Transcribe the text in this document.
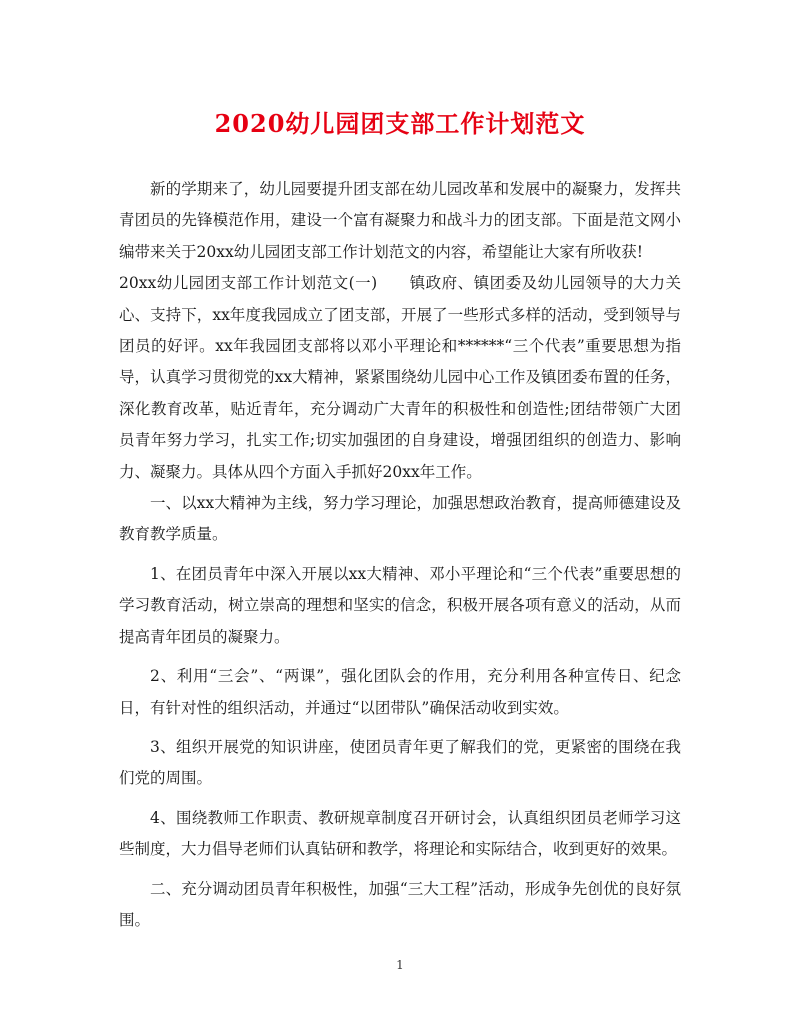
2020幼儿园团支部工作计划范文

新的学期来了，幼儿园要提升团支部在幼儿园改革和发展中的凝聚力，发挥共青团员的先锋模范作用，建设一个富有凝聚力和战斗力的团支部。下面是范文网小编带来关于20xx幼儿园团支部工作计划范文的内容，希望能让大家有所收获!

20xx幼儿园团支部工作计划范文(一)　　镇政府、镇团委及幼儿园领导的大力关心、支持下，xx年度我园成立了团支部，开展了一些形式多样的活动，受到领导与团员的好评。xx年我园团支部将以邓小平理论和******“三个代表”重要思想为指导，认真学习贯彻党的xx大精神，紧紧围绕幼儿园中心工作及镇团委布置的任务，深化教育改革，贴近青年，充分调动广大青年的积极性和创造性;团结带领广大团员青年努力学习，扎实工作;切实加强团的自身建设，增强团组织的创造力、影响力、凝聚力。具体从四个方面入手抓好20xx年工作。

一、以xx大精神为主线，努力学习理论，加强思想政治教育，提高师德建设及教育教学质量。

1、在团员青年中深入开展以xx大精神、邓小平理论和“三个代表”重要思想的学习教育活动，树立崇高的理想和坚实的信念，积极开展各项有意义的活动，从而提高青年团员的凝聚力。

2、利用“三会”、“两课”，强化团队会的作用，充分利用各种宣传日、纪念日，有针对性的组织活动，并通过“以团带队”确保活动收到实效。

3、组织开展党的知识讲座，使团员青年更了解我们的党，更紧密的围绕在我们党的周围。

4、围绕教师工作职责、教研规章制度召开研讨会，认真组织团员老师学习这些制度，大力倡导老师们认真钻研和教学，将理论和实际结合，收到更好的效果。

二、充分调动团员青年积极性，加强“三大工程”活动，形成争先创优的良好氛围。

1
